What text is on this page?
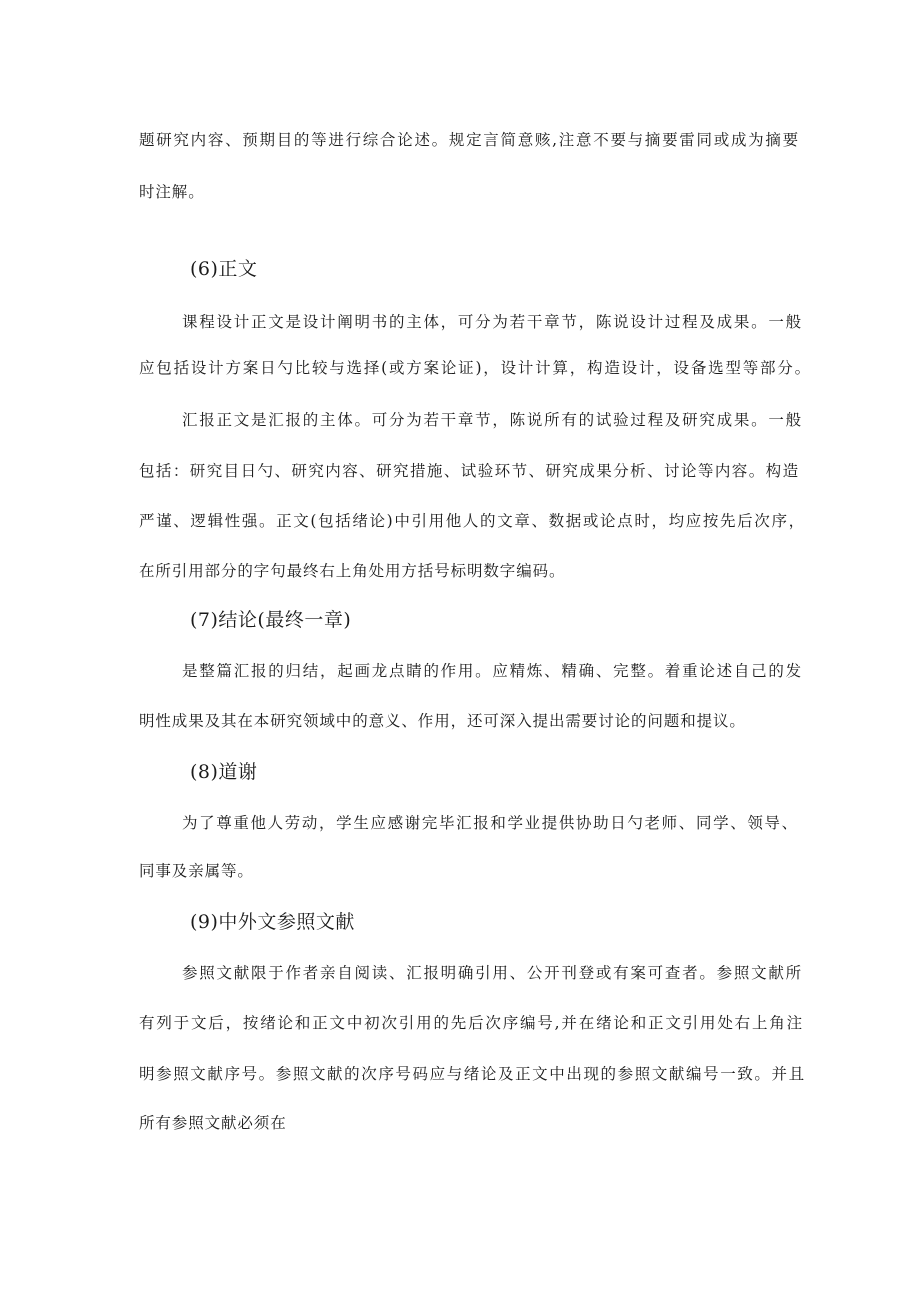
题研究内容、预期目的等进行综合论述。规定言简意赅,注意不要与摘要雷同或成为摘要
时注解。
(6)正文
课程设计正文是设计阐明书的主体，可分为若干章节，陈说设计过程及成果。一般
应包括设计方案日勺比较与选择(或方案论证)，设计计算，构造设计，设备选型等部分。
汇报正文是汇报的主体。可分为若干章节，陈说所有的试验过程及研究成果。一般
包括：研究目日勺、研究内容、研究措施、试验环节、研究成果分析、讨论等内容。构造
严谨、逻辑性强。正文(包括绪论)中引用他人的文章、数据或论点时，均应按先后次序，
在所引用部分的字句最终右上角处用方括号标明数字编码。
(7)结论(最终一章)
是整篇汇报的归结，起画龙点睛的作用。应精炼、精确、完整。着重论述自己的发
明性成果及其在本研究领域中的意义、作用，还可深入提出需要讨论的问题和提议。
(8)道谢
为了尊重他人劳动，学生应感谢完毕汇报和学业提供协助日勺老师、同学、领导、
同事及亲属等。
(9)中外文参照文献
参照文献限于作者亲自阅读、汇报明确引用、公开刊登或有案可查者。参照文献所
有列于文后，按绪论和正文中初次引用的先后次序编号,并在绪论和正文引用处右上角注
明参照文献序号。参照文献的次序号码应与绪论及正文中出现的参照文献编号一致。并且
所有参照文献必须在
